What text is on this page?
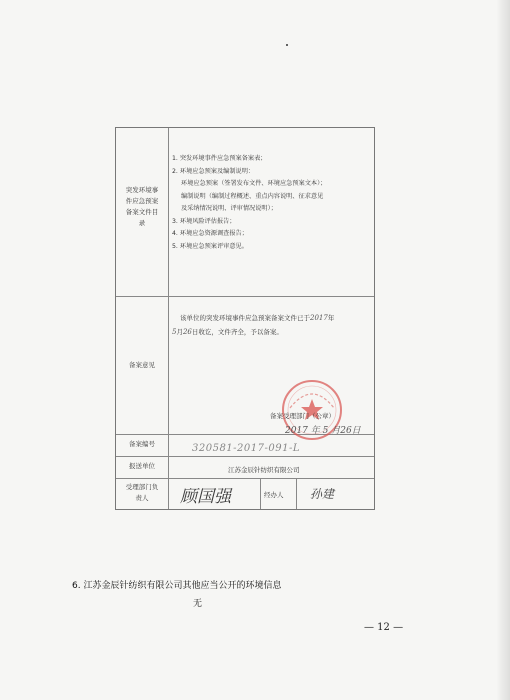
突发环境事
件应急预案
备案文件目
录
备案意见
备案编号
报送单位
受理部门负
责人
1. 突发环境事件应急预案备案表；
2. 环境应急预案及编制说明：
环境应急预案（签署发布文件、环境应急预案文本）；
编制说明（编制过程概述、重点内容说明、征求意见
及采纳情况说明、评审情况说明）；
3. 环境风险评估报告；
4. 环境应急资源调查报告；
5. 环境应急预案评审意见。
该单位的突发环境事件应急预案备案文件已于2017年
5月26日收讫，文件齐全，予以备案。
备案受理部门（公章）
2017 年 5 月26日
320581-2017-091-L
江苏金辰针纺织有限公司
顾国强	经办人 孙建
6. 江苏金辰针纺织有限公司其他应当公开的环境信息
无
— 12 —
